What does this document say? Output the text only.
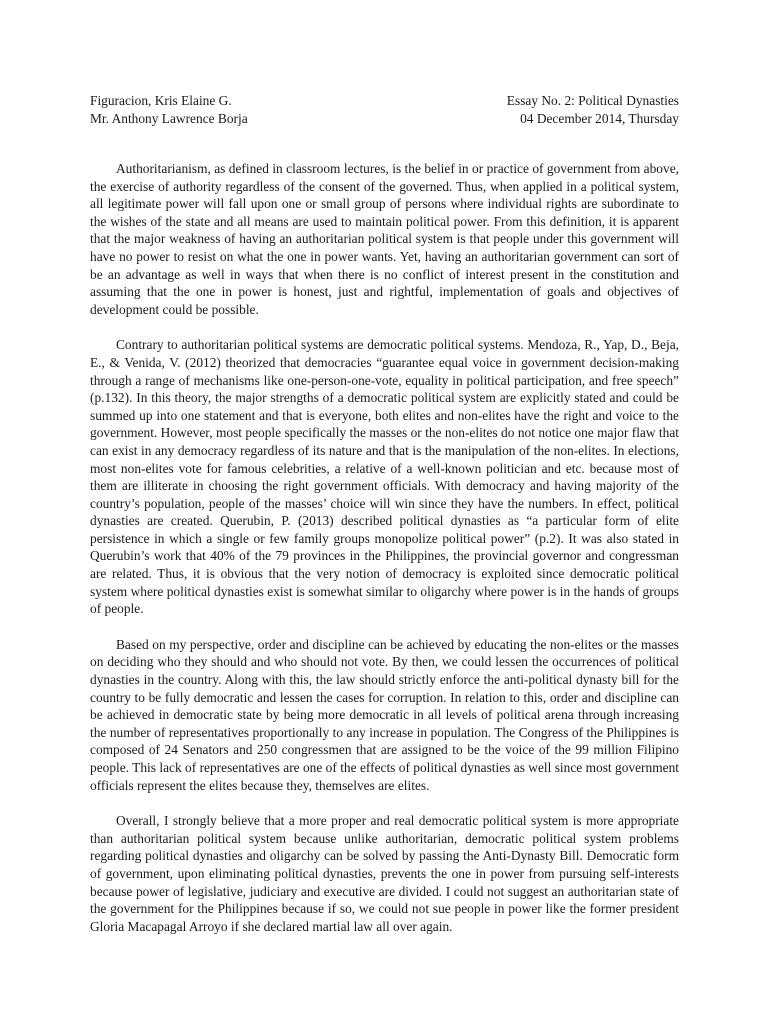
Figuracion, Kris Elaine G.	Essay No. 2: Political Dynasties
Mr. Anthony Lawrence Borja	04 December 2014, Thursday

Authoritarianism, as defined in classroom lectures, is the belief in or practice of government from above, the exercise of authority regardless of the consent of the governed. Thus, when applied in a political system, all legitimate power will fall upon one or small group of persons where individual rights are subordinate to the wishes of the state and all means are used to maintain political power. From this definition, it is apparent that the major weakness of having an authoritarian political system is that people under this government will have no power to resist on what the one in power wants. Yet, having an authoritarian government can sort of be an advantage as well in ways that when there is no conflict of interest present in the constitution and assuming that the one in power is honest, just and rightful, implementation of goals and objectives of development could be possible.

Contrary to authoritarian political systems are democratic political systems. Mendoza, R., Yap, D., Beja, E., & Venida, V. (2012) theorized that democracies “guarantee equal voice in government decision-making through a range of mechanisms like one-person-one-vote, equality in political participation, and free speech” (p.132). In this theory, the major strengths of a democratic political system are explicitly stated and could be summed up into one statement and that is everyone, both elites and non-elites have the right and voice to the government. However, most people specifically the masses or the non-elites do not notice one major flaw that can exist in any democracy regardless of its nature and that is the manipulation of the non-elites. In elections, most non-elites vote for famous celebrities, a relative of a well-known politician and etc. because most of them are illiterate in choosing the right government officials. With democracy and having majority of the country’s population, people of the masses’ choice will win since they have the numbers. In effect, political dynasties are created. Querubin, P. (2013) described political dynasties as “a particular form of elite persistence in which a single or few family groups monopolize political power” (p.2). It was also stated in Querubin’s work that 40% of the 79 provinces in the Philippines, the provincial governor and congressman are related. Thus, it is obvious that the very notion of democracy is exploited since democratic political system where political dynasties exist is somewhat similar to oligarchy where power is in the hands of groups of people.

Based on my perspective, order and discipline can be achieved by educating the non-elites or the masses on deciding who they should and who should not vote. By then, we could lessen the occurrences of political dynasties in the country. Along with this, the law should strictly enforce the anti-political dynasty bill for the country to be fully democratic and lessen the cases for corruption. In relation to this, order and discipline can be achieved in democratic state by being more democratic in all levels of political arena through increasing the number of representatives proportionally to any increase in population. The Congress of the Philippines is composed of 24 Senators and 250 congressmen that are assigned to be the voice of the 99 million Filipino people. This lack of representatives are one of the effects of political dynasties as well since most government officials represent the elites because they, themselves are elites.

Overall, I strongly believe that a more proper and real democratic political system is more appropriate than authoritarian political system because unlike authoritarian, democratic political system problems regarding political dynasties and oligarchy can be solved by passing the Anti-Dynasty Bill. Democratic form of government, upon eliminating political dynasties, prevents the one in power from pursuing self-interests because power of legislative, judiciary and executive are divided. I could not suggest an authoritarian state of the government for the Philippines because if so, we could not sue people in power like the former president Gloria Macapagal Arroyo if she declared martial law all over again.
